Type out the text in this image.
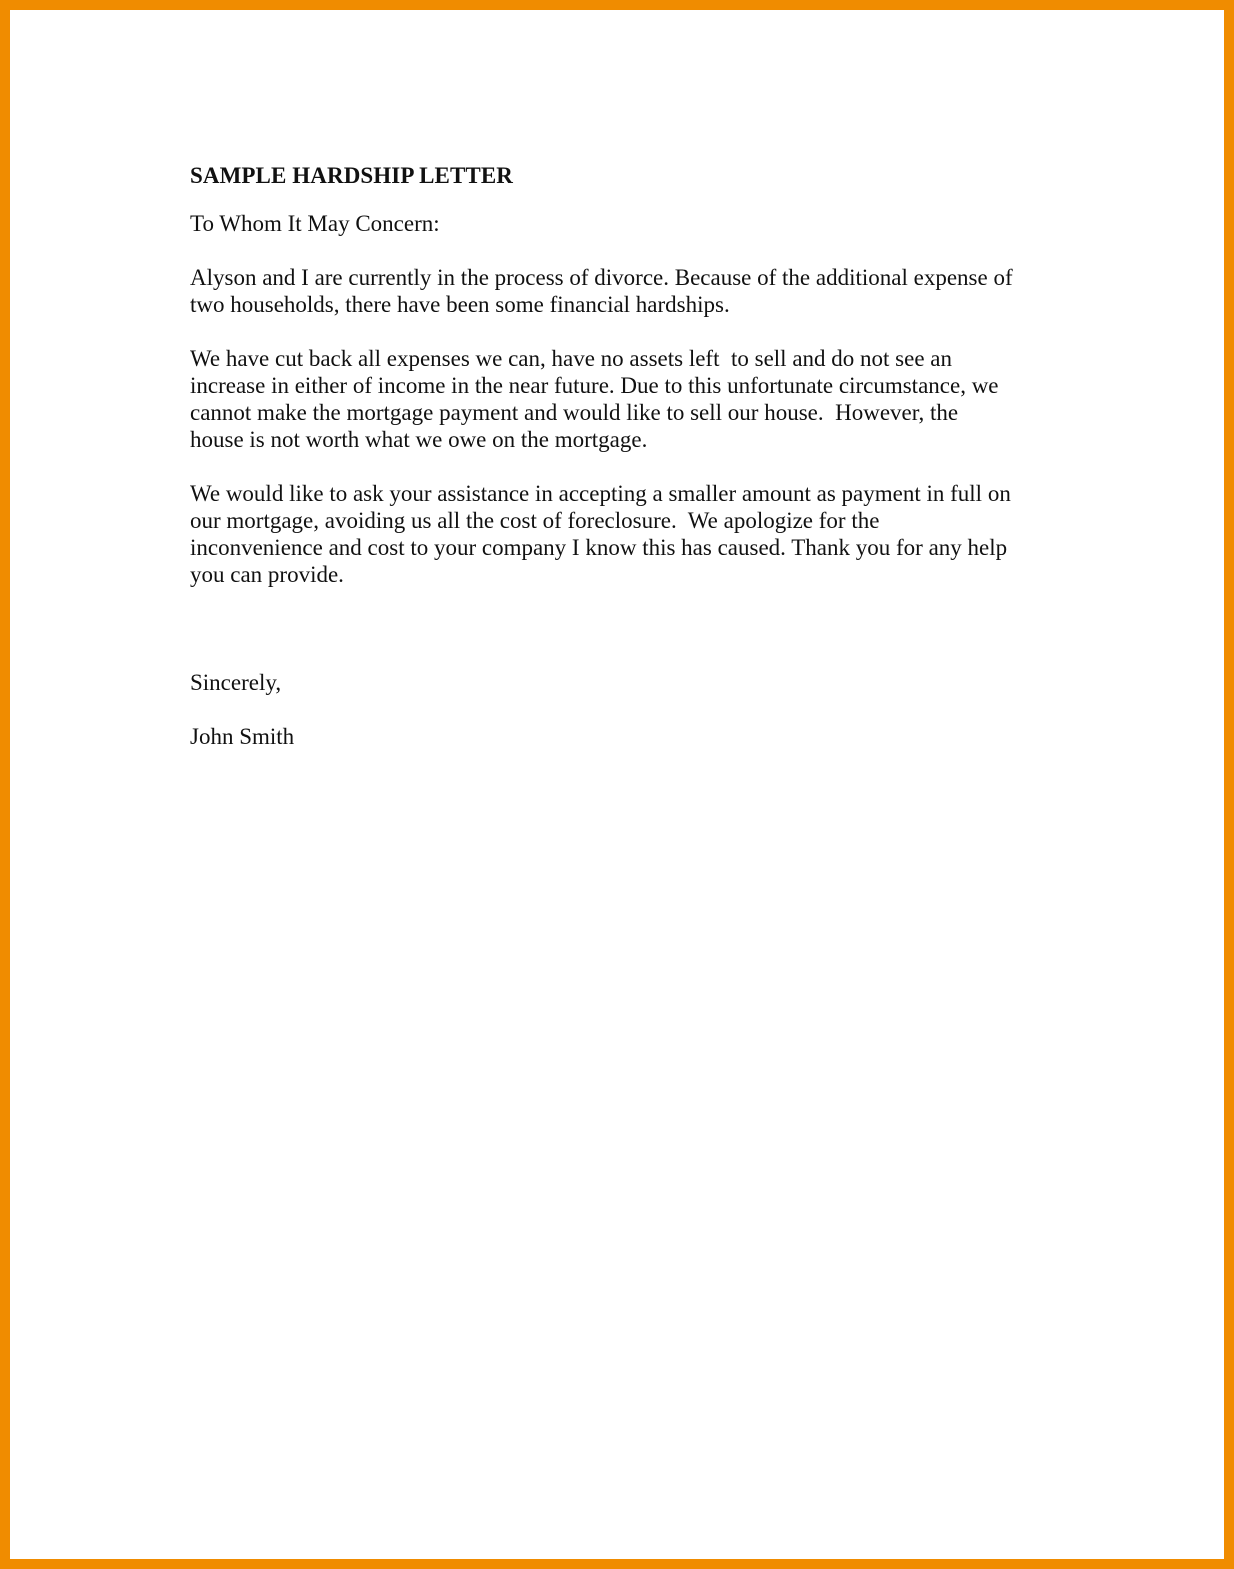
SAMPLE HARDSHIP LETTER

To Whom It May Concern:

Alyson and I are currently in the process of divorce. Because of the additional expense of

two households, there have been some financial hardships.

We have cut back all expenses we can, have no assets left  to sell and do not see an

increase in either of income in the near future. Due to this unfortunate circumstance, we

cannot make the mortgage payment and would like to sell our house.  However, the

house is not worth what we owe on the mortgage.

We would like to ask your assistance in accepting a smaller amount as payment in full on

our mortgage, avoiding us all the cost of foreclosure.  We apologize for the

inconvenience and cost to your company I know this has caused. Thank you for any help

you can provide.

Sincerely,

John Smith
